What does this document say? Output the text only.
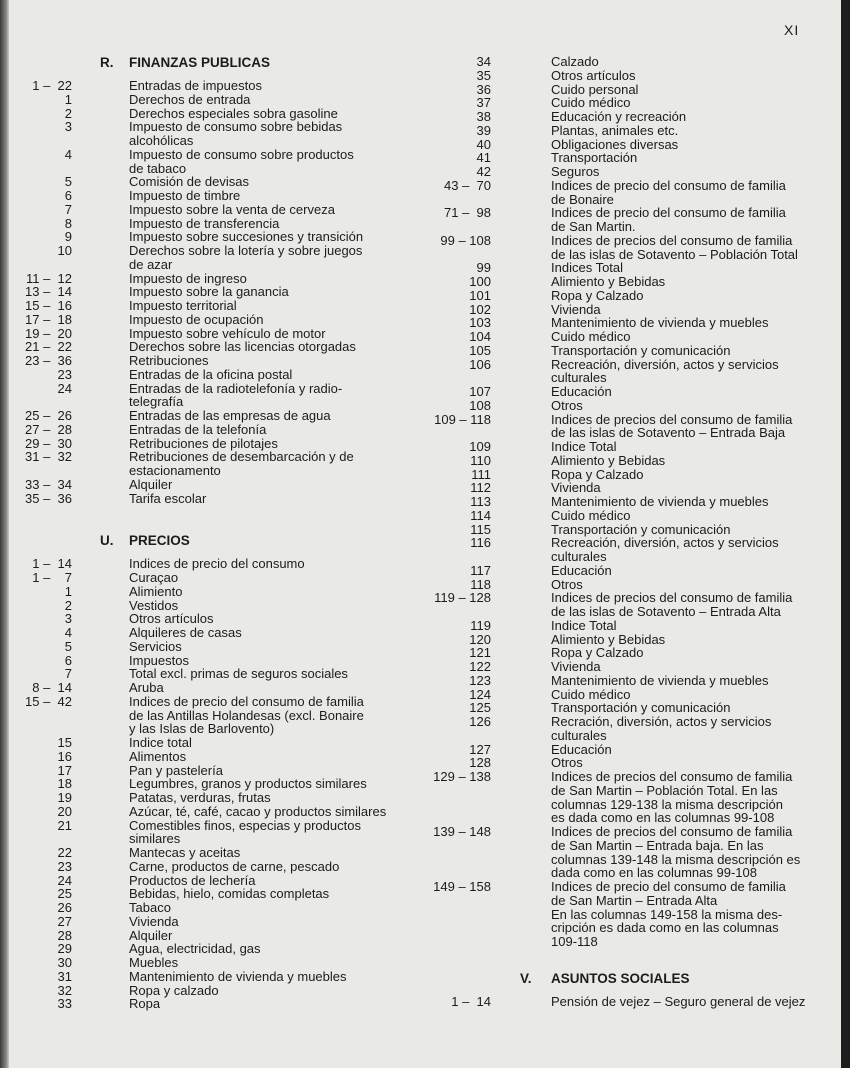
XI
R.	FINANZAS PUBLICAS
1 –  22	Entradas de impuestos
1	Derechos de entrada
2	Derechos especiales sobra gasoline
3	Impuesto de consumo sobre bebidas
alcohólicas
4	Impuesto de consumo sobre productos
de tabaco
5	Comisión de devisas
6	Impuesto de timbre
7	Impuesto sobre la venta de cerveza
8	Impuesto de transferencia
9	Impuesto sobre succesiones y transición
10	Derechos sobre la lotería y sobre juegos
de azar
11 –  12	Impuesto de ingreso
13 –  14	Impuesto sobre la ganancia
15 –  16	Impuesto territorial
17 –  18	Impuesto de ocupación
19 –  20	Impuesto sobre vehículo de motor
21 –  22	Derechos sobre las licencias otorgadas
23 –  36	Retribuciones
23	Entradas de la oficina postal
24	Entradas de la radiotelefonía y radio-
telegrafía
25 –  26	Entradas de las empresas de agua
27 –  28	Entradas de la telefonía
29 –  30	Retribuciones de pilotajes
31 –  32	Retribuciones de desembarcación y de
estacionamento
33 –  34	Alquiler
35 –  36	Tarifa escolar
U.	PRECIOS
1 –  14	Indices de precio del consumo
1 –    7	Curaçao
1	Alimiento
2	Vestidos
3	Otros artículos
4	Alquileres de casas
5	Servicios
6	Impuestos
7	Total excl. primas de seguros sociales
8 –  14	Aruba
15 –  42	Indices de precio del consumo de familia
de las Antillas Holandesas (excl. Bonaire
y las Islas de Barlovento)
15	Indice total
16	Alimentos
17	Pan y pastelería
18	Legumbres, granos y productos similares
19	Patatas, verduras, frutas
20	Azúcar, té, café, cacao y productos similares
21	Comestibles finos, especias y productos
similares
22	Mantecas y aceitas
23	Carne, productos de carne, pescado
24	Productos de lechería
25	Bebidas, hielo, comidas completas
26	Tabaco
27	Vivienda
28	Alquiler
29	Agua, electricidad, gas
30	Muebles
31	Mantenimiento de vivienda y muebles
32	Ropa y calzado
33	Ropa
34	Calzado
35	Otros artículos
36	Cuido personal
37	Cuido médico
38	Educación y recreación
39	Plantas, animales etc.
40	Obligaciones diversas
41	Transportación
42	Seguros
43 –  70	Indices de precio del consumo de familia
de Bonaire
71 –  98	Indices de precio del consumo de familia
de San Martin.
99 – 108	Indices de precios del consumo de familia
de las islas de Sotavento – Población Total
99	Indices Total
100	Alimiento y Bebidas
101	Ropa y Calzado
102	Vivienda
103	Mantenimiento de vivienda y muebles
104	Cuido médico
105	Transportación y comunicación
106	Recreación, diversión, actos y servicios
culturales
107	Educación
108	Otros
109 – 118	Indices de precios del consumo de familia
de las islas de Sotavento – Entrada Baja
109	Indice Total
110	Alimiento y Bebidas
111	Ropa y Calzado
112	Vivienda
113	Mantenimiento de vivienda y muebles
114	Cuido médico
115	Transportación y comunicación
116	Recreación, diversión, actos y servicios
culturales
117	Educación
118	Otros
119 – 128	Indices de precios del consumo de familia
de las islas de Sotavento – Entrada Alta
119	Indice Total
120	Alimiento y Bebidas
121	Ropa y Calzado
122	Vivienda
123	Mantenimiento de vivienda y muebles
124	Cuido médico
125	Transportación y comunicación
126	Recración, diversión, actos y servicios
culturales
127	Educación
128	Otros
129 – 138	Indices de precios del consumo de familia
de San Martin – Población Total. En las
columnas 129-138 la misma descripción
es dada como en las columnas 99-108
139 – 148	Indices de precios del consumo de familia
de San Martin – Entrada baja. En las
columnas 139-148 la misma descripción es
dada como en las columnas 99-108
149 – 158	Indices de precio del consumo de familia
de San Martin – Entrada Alta
En las columnas 149-158 la misma des-
cripción es dada como en las columnas
109-118
V.	ASUNTOS SOCIALES
1 –  14	Pensión de vejez – Seguro general de vejez
